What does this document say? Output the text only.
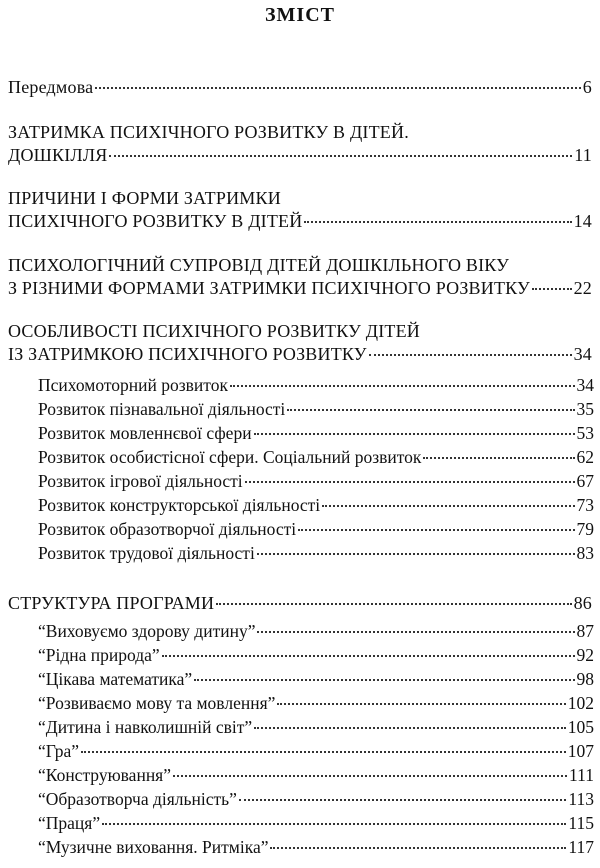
ЗМІСТ
Передмова	6
ЗАТРИМКА ПСИХІЧНОГО РОЗВИТКУ В ДІТЕЙ.
ДОШКІЛЛЯ	11
ПРИЧИНИ І ФОРМИ ЗАТРИМКИ
ПСИХІЧНОГО РОЗВИТКУ В ДІТЕЙ	14
ПСИХОЛОГІЧНИЙ СУПРОВІД ДІТЕЙ ДОШКІЛЬНОГО ВІКУ
З РІЗНИМИ ФОРМАМИ ЗАТРИМКИ ПСИХІЧНОГО РОЗВИТКУ 22
ОСОБЛИВОСТІ ПСИХІЧНОГО РОЗВИТКУ ДІТЕЙ
ІЗ ЗАТРИМКОЮ ПСИХІЧНОГО РОЗВИТКУ	34
Психомоторний розвиток	34
Розвиток пізнавальної діяльності	35
Розвиток мовленнєвої сфери	53
Розвиток особистісної сфери. Соціальний розвиток	62
Розвиток ігрової діяльності	67
Розвиток конструкторської діяльності	73
Розвиток образотворчої діяльності	79
Розвиток трудової діяльності	83
СТРУКТУРА ПРОГРАМИ	86
“Виховуємо здорову дитину”	87
“Рідна природа”	92
“Цікава математика”	98
“Розвиваємо мову та мовлення”	102
“Дитина і навколишній світ”	105
“Гра”	107
“Конструювання”	111
“Образотворча діяльність”	113
“Праця”	115
“Музичне виховання. Ритміка”	117
